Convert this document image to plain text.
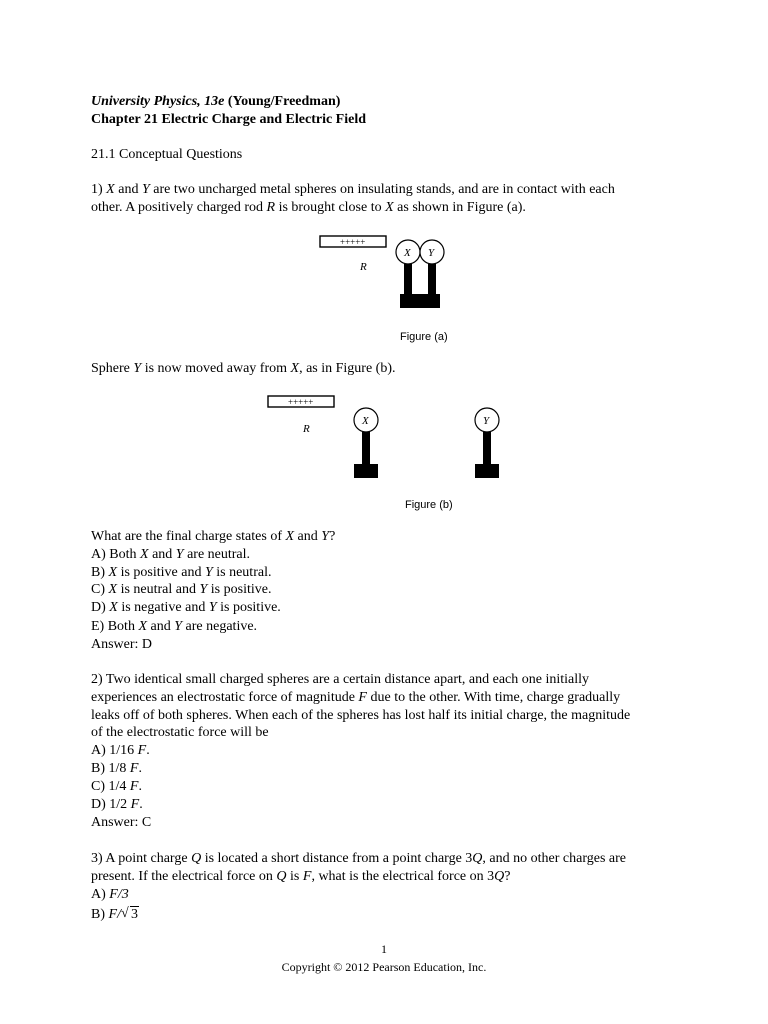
University Physics, 13e (Young/Freedman)
Chapter 21 Electric Charge and Electric Field
21.1 Conceptual Questions
1) X and Y are two uncharged metal spheres on insulating stands, and are in contact with each
other. A positively charged rod R is brought close to X as shown in Figure (a).
+++++
R
X Y
Figure (a)
Sphere Y is now moved away from X, as in Figure (b).
+++++
R
X	Y
Figure (b)
What are the final charge states of X and Y?
A) Both X and Y are neutral.
B) X is positive and Y is neutral.
C) X is neutral and Y is positive.
D) X is negative and Y is positive.
E) Both X and Y are negative.
Answer: D
2) Two identical small charged spheres are a certain distance apart, and each one initially
experiences an electrostatic force of magnitude F due to the other. With time, charge gradually
leaks off of both spheres. When each of the spheres has lost half its initial charge, the magnitude
of the electrostatic force will be
A) 1/16 F.
B) 1/8 F.
C) 1/4 F.
D) 1/2 F.
Answer: C
3) A point charge Q is located a short distance from a point charge 3Q, and no other charges are
present. If the electrical force on Q is F, what is the electrical force on 3Q?
A) F/3
B) F/ √ 3
1
Copyright © 2012 Pearson Education, Inc.
